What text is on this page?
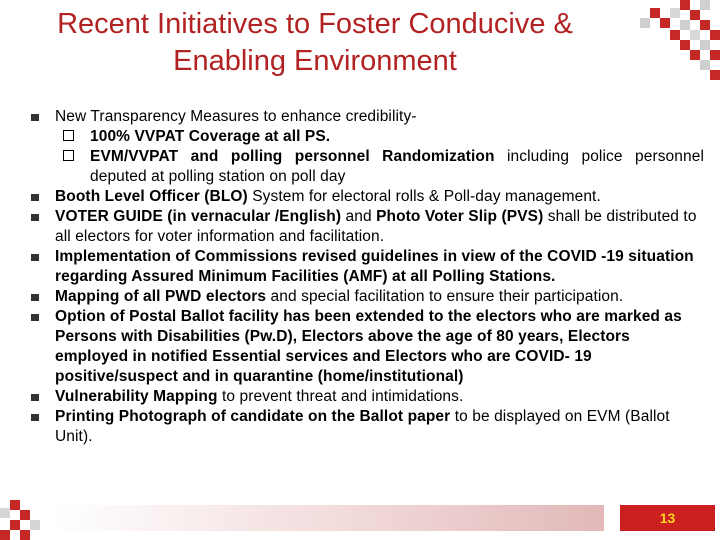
Recent Initiatives to Foster Conducive &
Enabling Environment
New Transparency Measures to enhance credibility-
100% VVPAT Coverage at all PS.
EVM/VVPAT and polling personnel Randomization including police personnel deputed at polling station on poll day
Booth Level Officer (BLO) System for electoral rolls & Poll-day management.
VOTER GUIDE (in vernacular /English) and Photo Voter Slip (PVS) shall be distributed to all electors for voter information and facilitation.
Implementation of Commissions revised guidelines in view of the COVID -19 situation regarding Assured Minimum Facilities (AMF) at all Polling Stations.
Mapping of all PWD electors and special facilitation to ensure their participation.
Option of Postal Ballot facility has been extended to the electors who are marked as Persons with Disabilities (Pw.D), Electors above the age of 80 years, Electors employed in notified Essential services and Electors who are COVID- 19 positive/suspect and in quarantine (home/institutional)
Vulnerability Mapping to prevent threat and intimidations.
Printing Photograph of candidate on the Ballot paper to be displayed on EVM (Ballot Unit).
13
